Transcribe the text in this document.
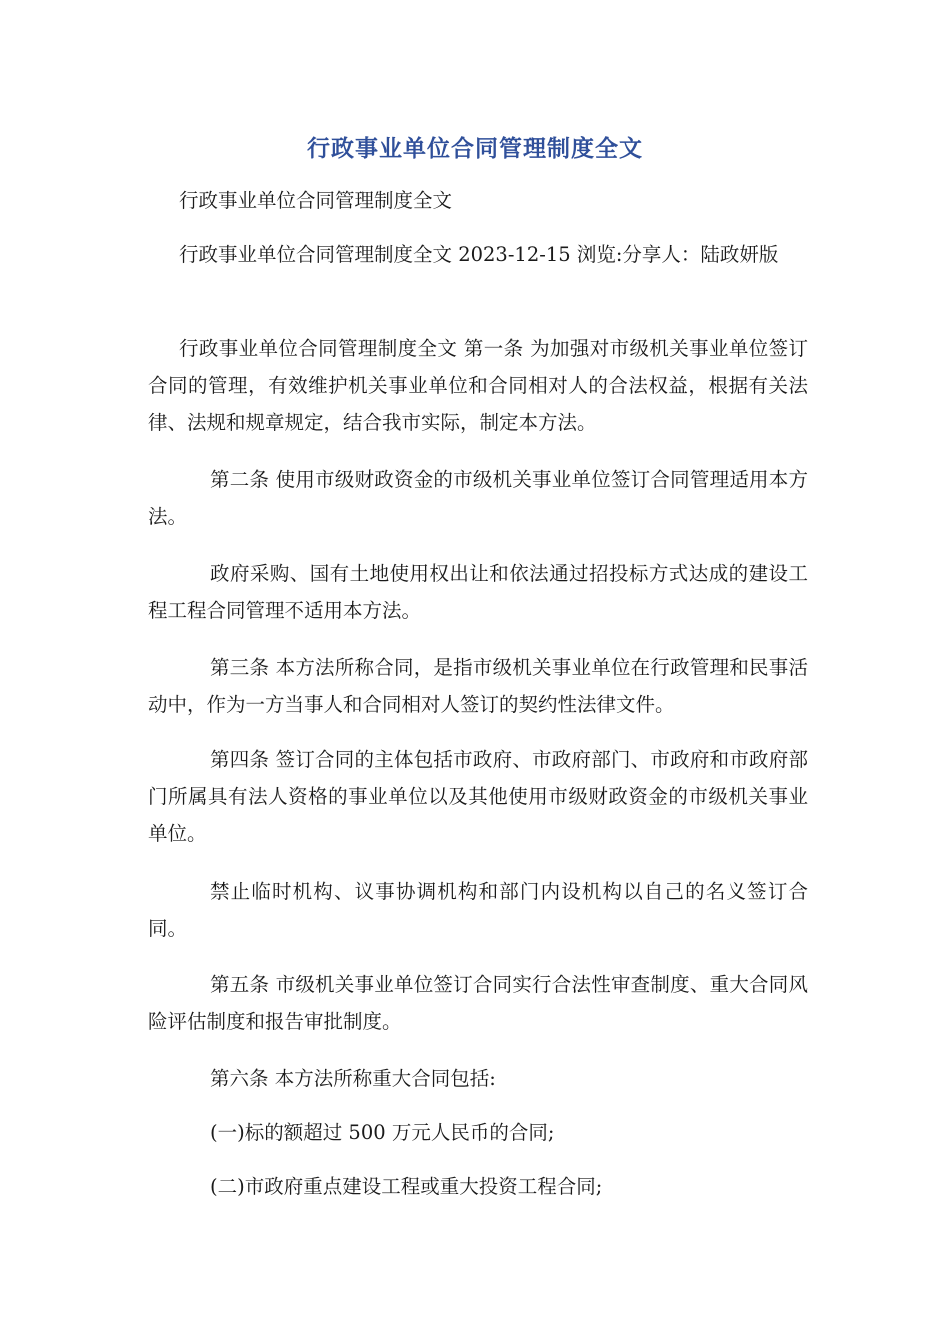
行政事业单位合同管理制度全文

行政事业单位合同管理制度全文

行政事业单位合同管理制度全文 2023-12-15 浏览:分享人：陆政妍版

行政事业单位合同管理制度全文 第一条 为加强对市级机关事业单位签订合同的管理，有效维护机关事业单位和合同相对人的合法权益，根据有关法律、法规和规章规定，结合我市实际，制定本方法。

第二条 使用市级财政资金的市级机关事业单位签订合同管理适用本方法。

政府采购、国有土地使用权出让和依法通过招投标方式达成的建设工程工程合同管理不适用本方法。

第三条 本方法所称合同，是指市级机关事业单位在行政管理和民事活动中，作为一方当事人和合同相对人签订的契约性法律文件。

第四条 签订合同的主体包括市政府、市政府部门、市政府和市政府部门所属具有法人资格的事业单位以及其他使用市级财政资金的市级机关事业单位。

禁止临时机构、议事协调机构和部门内设机构以自己的名义签订合同。

第五条 市级机关事业单位签订合同实行合法性审查制度、重大合同风险评估制度和报告审批制度。

第六条 本方法所称重大合同包括:

(一)标的额超过 500 万元人民币的合同;

(二)市政府重点建设工程或重大投资工程合同;
